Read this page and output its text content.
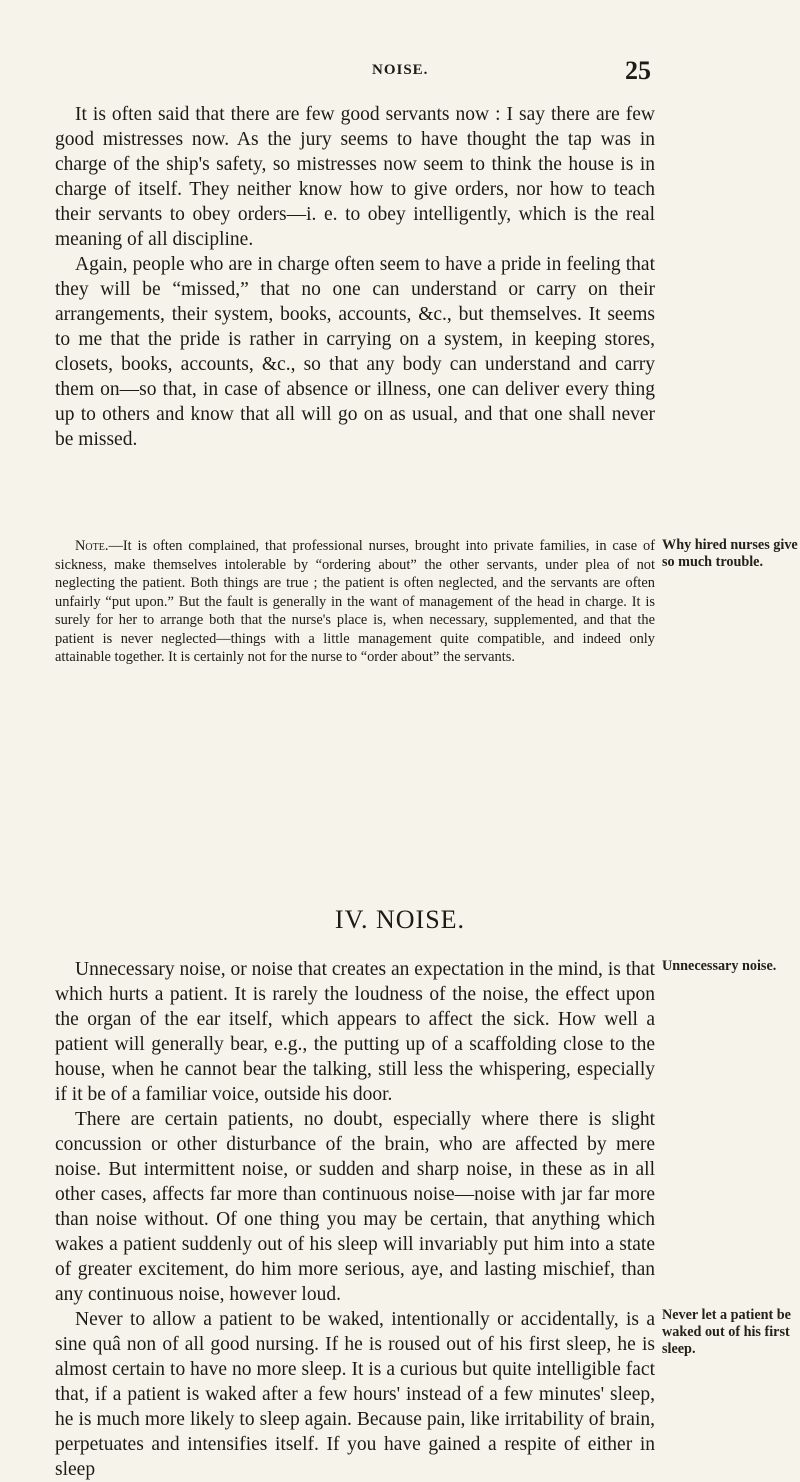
NOISE.	25

It is often said that there are few good servants now : I say there are few good mistresses now. As the jury seems to have thought the tap was in charge of the ship's safety, so mistresses now seem to think the house is in charge of itself. They neither know how to give orders, nor how to teach their servants to obey orders—i. e. to obey intelligently, which is the real meaning of all discipline.

Again, people who are in charge often seem to have a pride in feeling that they will be “missed,” that no one can understand or carry on their arrangements, their system, books, accounts, &c., but themselves. It seems to me that the pride is rather in carrying on a system, in keeping stores, closets, books, accounts, &c., so that any body can understand and carry them on—so that, in case of absence or illness, one can deliver every thing up to others and know that all will go on as usual, and that one shall never be missed.

Note.—It is often complained, that professional nurses, brought into private families, in case of sickness, make themselves intolerable by “ordering about” the other servants, under plea of not neglecting the patient. Both things are true ; the patient is often neglected, and the servants are often unfairly “put upon.” But the fault is generally in the want of management of the head in charge. It is surely for her to arrange both that the nurse's place is, when necessary, supplemented, and that the patient is never neglected—things with a little management quite compatible, and indeed only attainable together. It is certainly not for the nurse to “order about” the servants.

Why hired nurses give so much trouble.
IV. NOISE.

Unnecessary noise, or noise that creates an expectation in the mind, is that which hurts a patient. It is rarely the loudness of the noise, the effect upon the organ of the ear itself, which appears to affect the sick. How well a patient will generally bear, e.g., the putting up of a scaffolding close to the house, when he cannot bear the talking, still less the whispering, especially if it be of a familiar voice, outside his door.

There are certain patients, no doubt, especially where there is slight concussion or other disturbance of the brain, who are affected by mere noise. But intermittent noise, or sudden and sharp noise, in these as in all other cases, affects far more than continuous noise—noise with jar far more than noise without. Of one thing you may be certain, that anything which wakes a patient suddenly out of his sleep will invariably put him into a state of greater excitement, do him more serious, aye, and lasting mischief, than any continuous noise, however loud.

Never to allow a patient to be waked, intentionally or accidentally, is a sine quâ non of all good nursing. If he is roused out of his first sleep, he is almost certain to have no more sleep. It is a curious but quite intelligible fact that, if a patient is waked after a few hours' instead of a few minutes' sleep, he is much more likely to sleep again. Because pain, like irritability of brain, perpetuates and intensifies itself. If you have gained a respite of either in sleep

Unnecessary noise.
Never let a patient be waked out of his first sleep.
